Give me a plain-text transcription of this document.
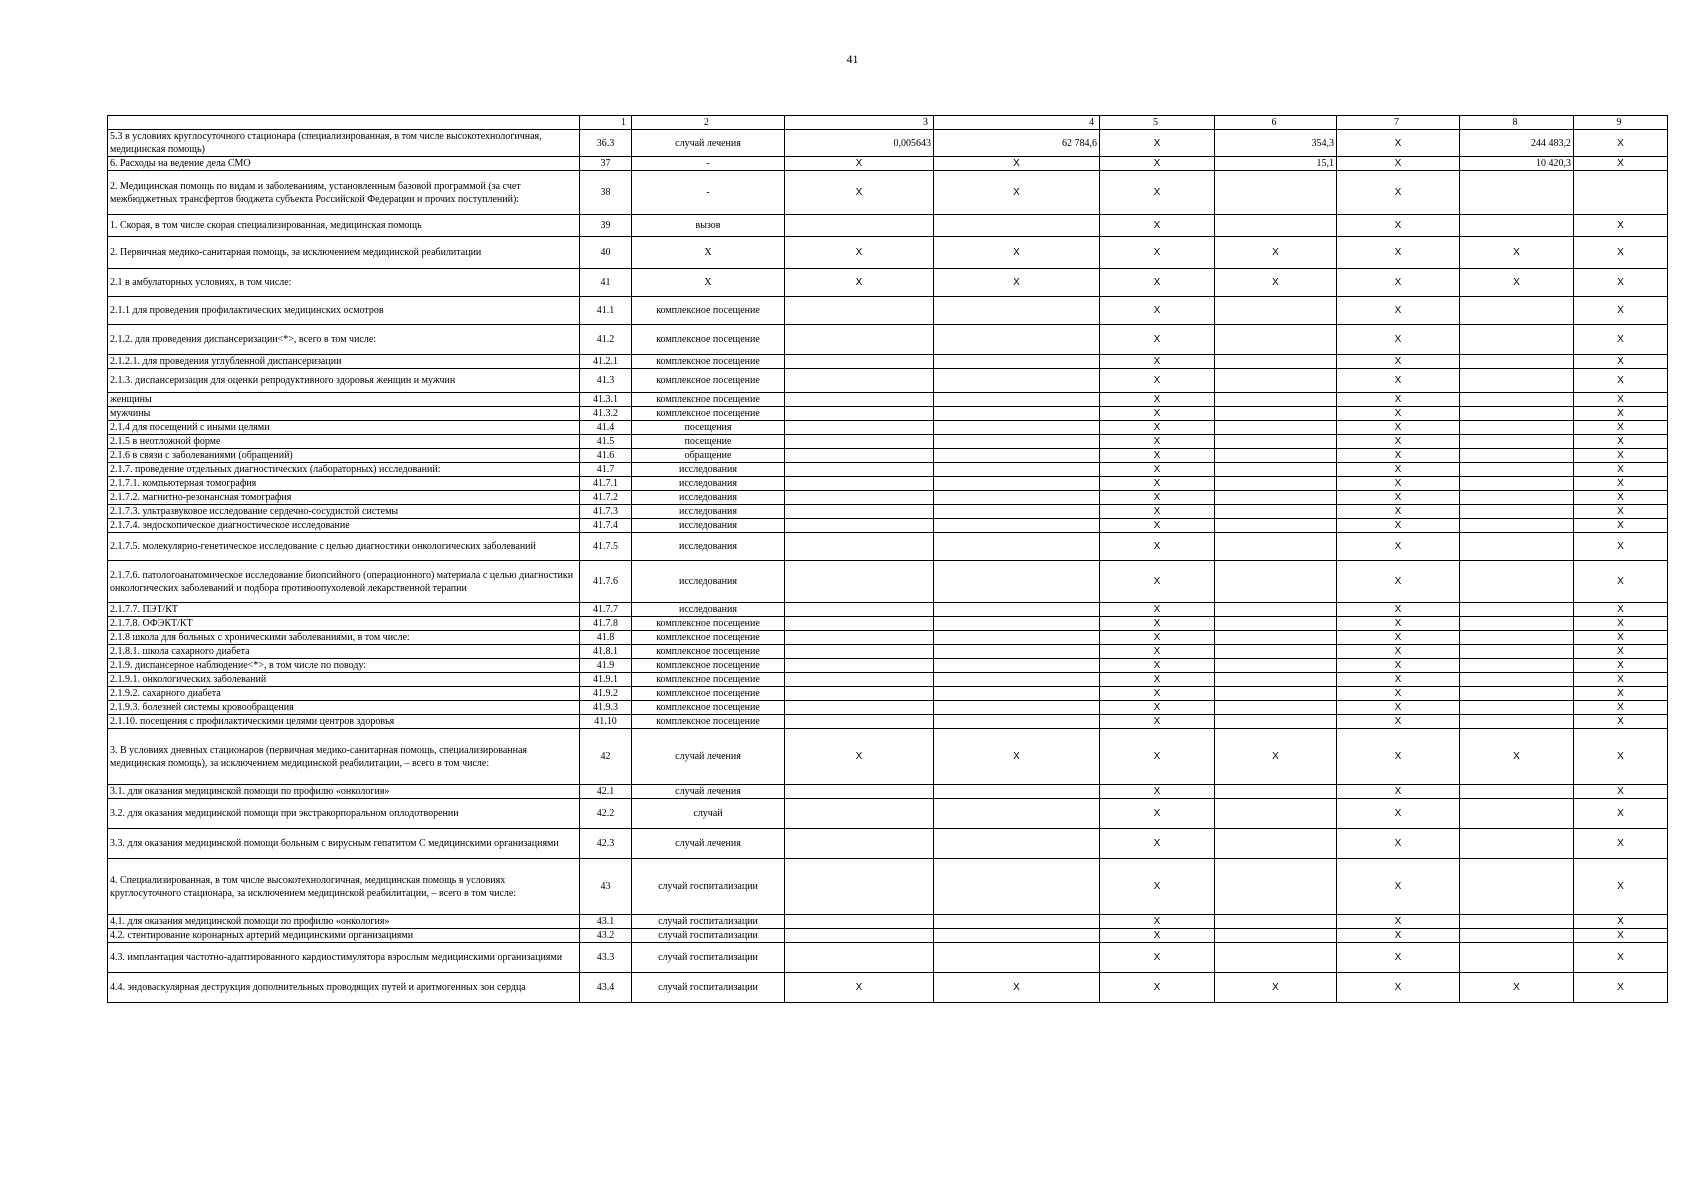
41
	1	2	3	4	5	6	7	8	9
5.3 в условиях круглосуточного стационара (специализированная, в том числе высокотехнологичная, медицинская помощь)	36.3	случай лечения	0,005643	62 784,6	X	354,3	X	244 483,2	X
6. Расходы на ведение дела СМО	37	-	X	X	X	15,1	X	10 420,3	X
2. Медицинская помощь по видам и заболеваниям, установленным базовой программой (за счет межбюджетных трансфертов бюджета субъекта Российской Федерации и прочих поступлений):	38	-	X	X	X		X		
1. Скорая, в том числе скорая специализированная, медицинская помощь	39	вызов			X		X		X
2. Первичная медико-санитарная помощь, за исключением медицинской реабилитации	40	X	X	X	X	X	X	X	X
2.1 в амбулаторных условиях, в том числе:	41	X	X	X	X	X	X	X	X
2.1.1 для проведения профилактических медицинских осмотров	41.1	комплексное посещение			X		X		X
2.1.2. для проведения диспансеризации<*>, всего в том числе:	41.2	комплексное посещение			X		X		X
2.1.2.1. для проведения углубленной диспансеризации	41.2.1	комплексное посещение			X		X		X
2.1.3. диспансеризация для оценки репродуктивного здоровья женщин и мужчин	41.3	комплексное посещение			X		X		X
женщины	41.3.1	комплексное посещение			X		X		X
мужчины	41.3.2	комплексное посещение			X		X		X
2.1.4 для посещений с иными целями	41.4	посещения			X		X		X
2.1.5 в неотложной форме	41.5	посещение			X		X		X
2.1.6 в связи с заболеваниями (обращений)	41.6	обращение			X		X		X
2.1.7. проведение отдельных диагностических (лабораторных) исследований:	41.7	исследования			X		X		X
2.1.7.1. компьютерная томография	41.7.1	исследования			X		X		X
2.1.7.2. магнитно-резонансная томография	41.7.2	исследования			X		X		X
2.1.7.3. ультразвуковое исследование сердечно-сосудистой системы	41.7.3	исследования			X		X		X
2.1.7.4. эндоскопическое диагностическое исследование	41.7.4	исследования			X		X		X
2.1.7.5. молекулярно-генетическое исследование с целью диагностики онкологических заболеваний	41.7.5	исследования			X		X		X
2.1.7.6. патологоанатомическое исследование биопсийного (операционного) материала с целью диагностики онкологических заболеваний и подбора противоопухолевой лекарственной терапии	41.7.6	исследования			X		X		X
2.1.7.7. ПЭТ/КТ	41.7.7	исследования			X		X		X
2.1.7.8. ОФЭКТ/КТ	41.7.8	комплексное посещение			X		X		X
2.1.8 школа для больных с хроническими заболеваниями, в том числе:	41.8	комплексное посещение			X		X		X
2.1.8.1. школа сахарного диабета	41.8.1	комплексное посещение			X		X		X
2.1.9. диспансерное наблюдение<*>, в том числе по поводу:	41.9	комплексное посещение			X		X		X
2.1.9.1. онкологических заболеваний	41.9.1	комплексное посещение			X		X		X
2.1.9.2. сахарного диабета	41.9.2	комплексное посещение			X		X		X
2.1.9.3. болезней системы кровообращения	41.9.3	комплексное посещение			X		X		X
2.1.10. посещения с профилактическими целями центров здоровья	41.10	комплексное посещение			X		X		X
3. В условиях дневных стационаров (первичная медико-санитарная помощь, специализированная медицинская помощь), за исключением медицинской реабилитации, – всего в том числе:	42	случай лечения	X	X	X	X	X	X	X
3.1. для оказания медицинской помощи по профилю «онкология»	42.1	случай лечения			X		X		X
3.2. для оказания медицинской помощи при экстракорпоральном оплодотворении	42.2	случай			X		X		X
3.3. для оказания медицинской помощи больным с вирусным гепатитом С медицинскими организациями	42.3	случай лечения			X		X		X
4. Специализированная, в том числе высокотехнологичная, медицинская помощь в условиях круглосуточного стационара, за исключением медицинской реабилитации, – всего в том числе:	43	случай госпитализации			X		X		X
4.1. для оказания медицинской помощи по профилю «онкология»	43.1	случай госпитализации			X		X		X
4.2. стентирование коронарных артерий медицинскими организациями	43.2	случай госпитализации			X		X		X
4.3. имплантация частотно-адаптированного кардиостимулятора взрослым медицинскими организациями	43.3	случай госпитализации			X		X		X
4.4. эндоваскулярная деструкция дополнительных проводящих путей и аритмогенных зон сердца	43.4	случай госпитализации	X	X	X	X	X	X	X
